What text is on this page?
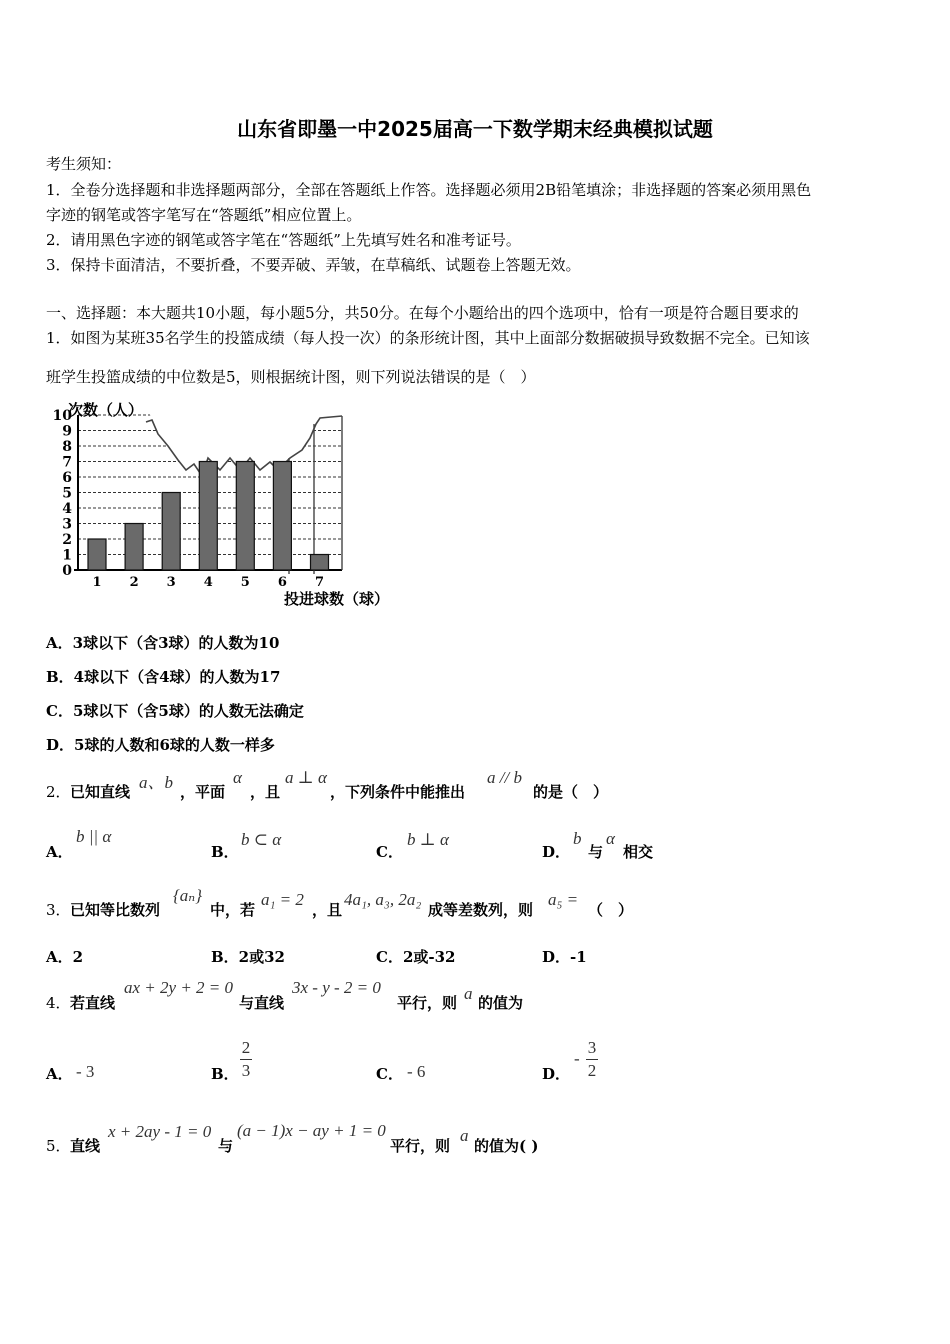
山东省即墨一中2025届高一下数学期末经典模拟试题
考生须知：
1．全卷分选择题和非选择题两部分，全部在答题纸上作答。选择题必须用2B铅笔填涂；非选择题的答案必须用黑色
字迹的钢笔或答字笔写在“答题纸”相应位置上。
2．请用黑色字迹的钢笔或答字笔在“答题纸”上先填写姓名和准考证号。
3．保持卡面清洁，不要折叠，不要弄破、弄皱，在草稿纸、试题卷上答题无效。
一、选择题：本大题共10小题，每小题5分，共50分。在每个小题给出的四个选项中，恰有一项是符合题目要求的
1．如图为某班35名学生的投篮成绩（每人投一次）的条形统计图，其中上面部分数据破损导致数据不完全。已知该
班学生投篮成绩的中位数是5，则根据统计图，则下列说法错误的是（　）
0
1
2
3
4
5
6
7
8
9
10
1 2 3 4 5 6 7
次数（人）
投进球数（球）
A．3球以下（含3球）的人数为10
B．4球以下（含4球）的人数为17
C．5球以下（含5球）的人数无法确定
D．5球的人数和6球的人数一样多
2． 已知直线 a、b ，平面
α
，且
a ⊥ α
，下列条件中能推出
a // b
的是（　）
A．
b || α
B．
b ⊂ α
C．
b ⊥ α
D．
b
与
α
相交
3． 已知等比数列
{aₙ}
中，若
a₁ = 2
，且
4a₁, a₃, 2a₂
成等差数列，则
a₅ =
（　）
A．2	B．2或32	C．2或-32	D．-1
4． 若直线
ax + 2y + 2 = 0
与直线
3x - y - 2 = 0
平行，则 a 的值为
A． - 3	B．
2
3	C． - 6	D．
-
3
2
5． 直线
x + 2ay - 1 = 0
与
(a − 1)x − ay + 1 = 0
平行，则
a
的值为( )
